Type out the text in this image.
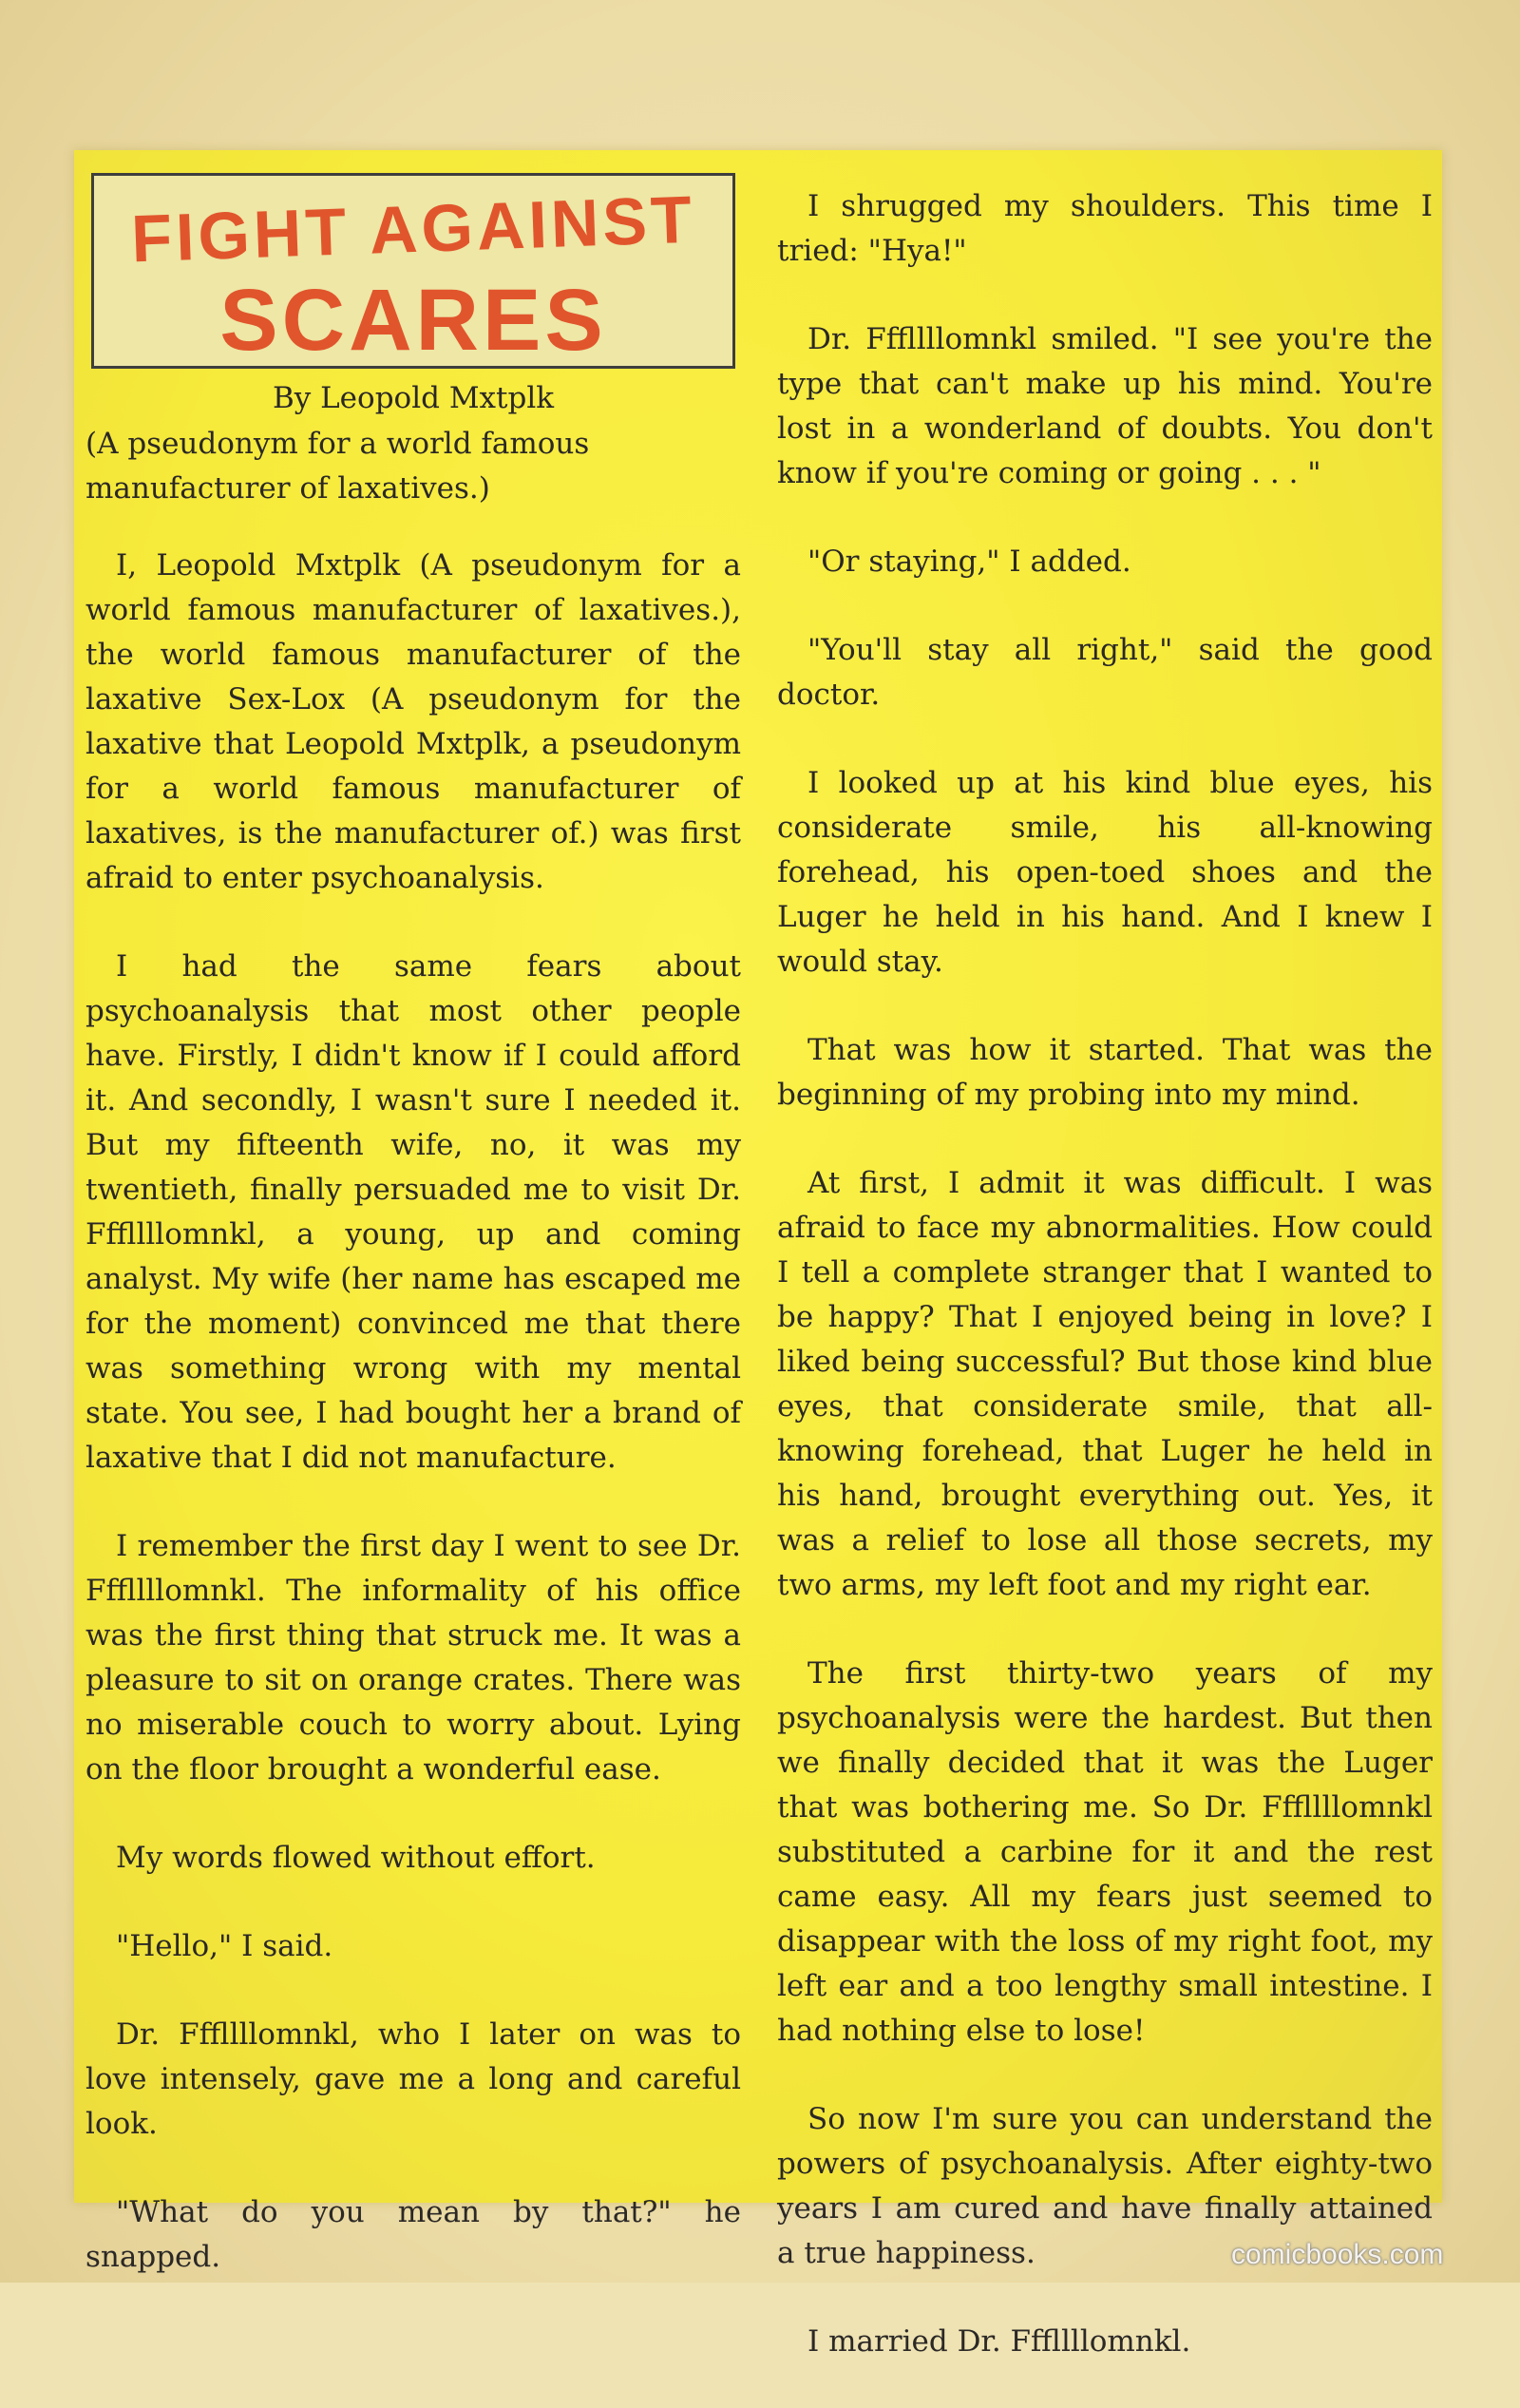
FIGHT AGAINST
SCARES
By Leopold Mxtplk
(A pseudonym for a world famous manufacturer of laxatives.)

I, Leopold Mxtplk (A pseudonym for a world famous manufacturer of laxatives.), the world famous manufacturer of the laxative Sex-Lox (A pseudonym for the laxative that Leopold Mxtplk, a pseudonym for a world famous manufacturer of laxatives, is the manufacturer of.) was first afraid to enter psychoanalysis.

I had the same fears about psychoanalysis that most other people have. Firstly, I didn't know if I could afford it. And secondly, I wasn't sure I needed it. But my fifteenth wife, no, it was my twentieth, finally persuaded me to visit Dr. Fffllllomnkl, a young, up and coming analyst. My wife (her name has escaped me for the moment) convinced me that there was something wrong with my mental state. You see, I had bought her a brand of laxative that I did not manufacture.

I remember the first day I went to see Dr. Fffllllomnkl. The informality of his office was the first thing that struck me. It was a pleasure to sit on orange crates. There was no miserable couch to worry about. Lying on the floor brought a wonderful ease.

My words flowed without effort.

"Hello," I said.

Dr. Fffllllomnkl, who I later on was to love intensely, gave me a long and careful look.

"What do you mean by that?" he snapped.

I shrugged my shoulders. This time I tried: "Hya!"

Dr. Fffllllomnkl smiled. "I see you're the type that can't make up his mind. You're lost in a wonderland of doubts. You don't know if you're coming or going . . . "

"Or staying," I added.

"You'll stay all right," said the good doctor.

I looked up at his kind blue eyes, his considerate smile, his all-knowing forehead, his open-toed shoes and the Luger he held in his hand. And I knew I would stay.

That was how it started. That was the beginning of my probing into my mind.

At first, I admit it was difficult. I was afraid to face my abnormalities. How could I tell a complete stranger that I wanted to be happy? That I enjoyed being in love? I liked being successful? But those kind blue eyes, that considerate smile, that all-knowing forehead, that Luger he held in his hand, brought everything out. Yes, it was a relief to lose all those secrets, my two arms, my left foot and my right ear.

The first thirty-two years of my psychoanalysis were the hardest. But then we finally decided that it was the Luger that was bothering me. So Dr. Fffllllomnkl substituted a carbine for it and the rest came easy. All my fears just seemed to disappear with the loss of my right foot, my left ear and a too lengthy small intestine. I had nothing else to lose!

So now I'm sure you can understand the powers of psychoanalysis. After eighty-two years I am cured and have finally attained a true happiness.

I married Dr. Fffllllomnkl.

comicbooks.com
